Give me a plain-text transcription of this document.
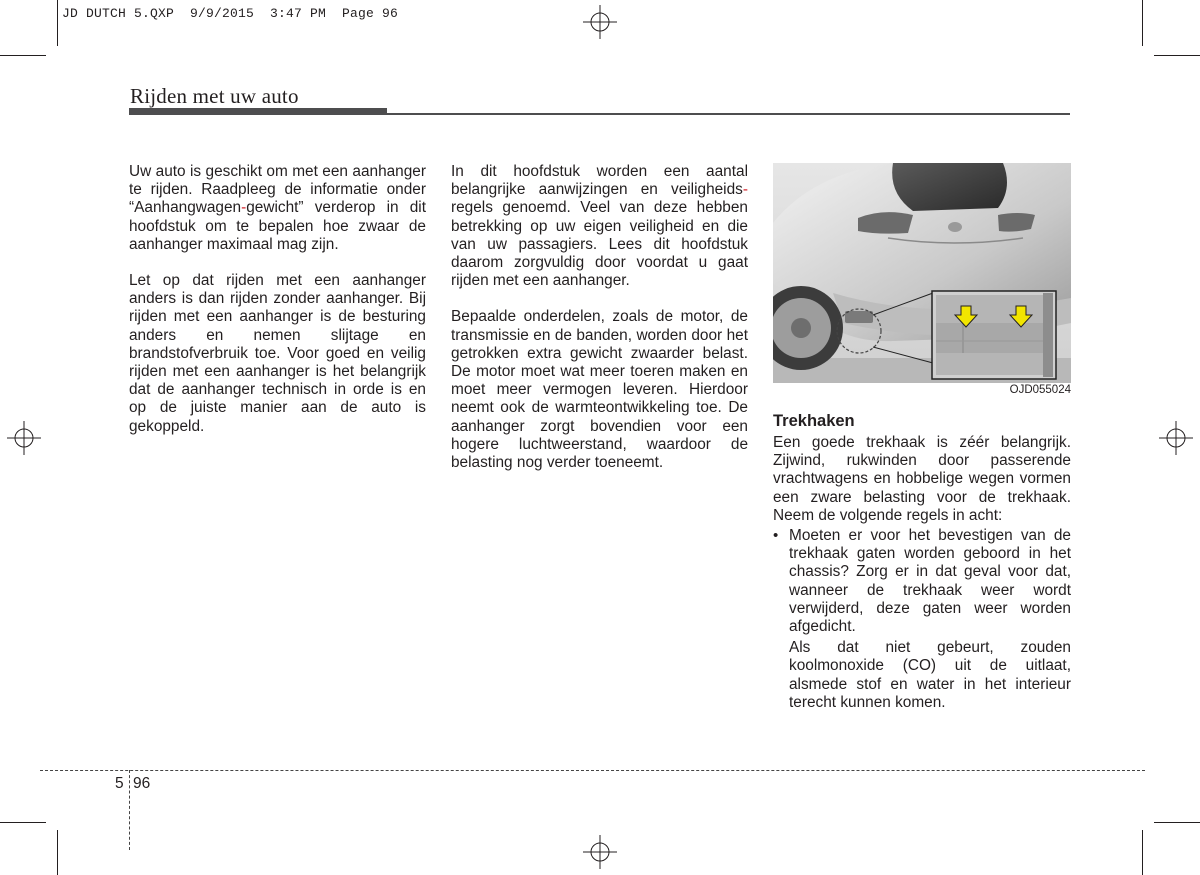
JD DUTCH 5.QXP  9/9/2015  3:47 PM  Page 96
Rijden met uw auto

Uw auto is geschikt om met een aanhanger te rijden. Raadpleeg de informatie onder “Aanhangwagen-gewicht” verderop in dit hoofdstuk om te bepalen hoe zwaar de aanhanger maximaal mag zijn.

Let op dat rijden met een aanhanger anders is dan rijden zonder aanhanger. Bij rijden met een aanhanger is de besturing anders en nemen slijtage en brandstofverbruik toe. Voor goed en veilig rijden met een aanhanger is het belangrijk dat de aanhanger technisch in orde is en op de juiste manier aan de auto is gekoppeld.

In dit hoofdstuk worden een aantal belangrijke aanwijzingen en veiligheids-regels genoemd. Veel van deze hebben betrekking op uw eigen veiligheid en die van uw passagiers. Lees dit hoofdstuk daarom zorgvuldig door voordat u gaat rijden met een aanhanger.

Bepaalde onderdelen, zoals de motor, de transmissie en de banden, worden door het getrokken extra gewicht zwaarder belast. De motor moet wat meer toeren maken en moet meer vermogen leveren. Hierdoor neemt ook de warmteontwikkeling toe. De aanhanger zorgt bovendien voor een hogere luchtweerstand, waardoor de belasting nog verder toeneemt.

OJD055024
Trekhaken

Een goede trekhaak is zéér belangrijk. Zijwind, rukwinden door passerende vrachtwagens en hobbelige wegen vormen een zware belasting voor de trekhaak. Neem de volgende regels in acht:

• Moeten er voor het bevestigen van de trekhaak gaten worden geboord in het chassis? Zorg er in dat geval voor dat, wanneer de trekhaak weer wordt verwijderd, deze gaten weer worden afgedicht.

Als dat niet gebeurt, zouden koolmonoxide (CO) uit de uitlaat, alsmede stof en water in het interieur terecht kunnen komen.

5 96
